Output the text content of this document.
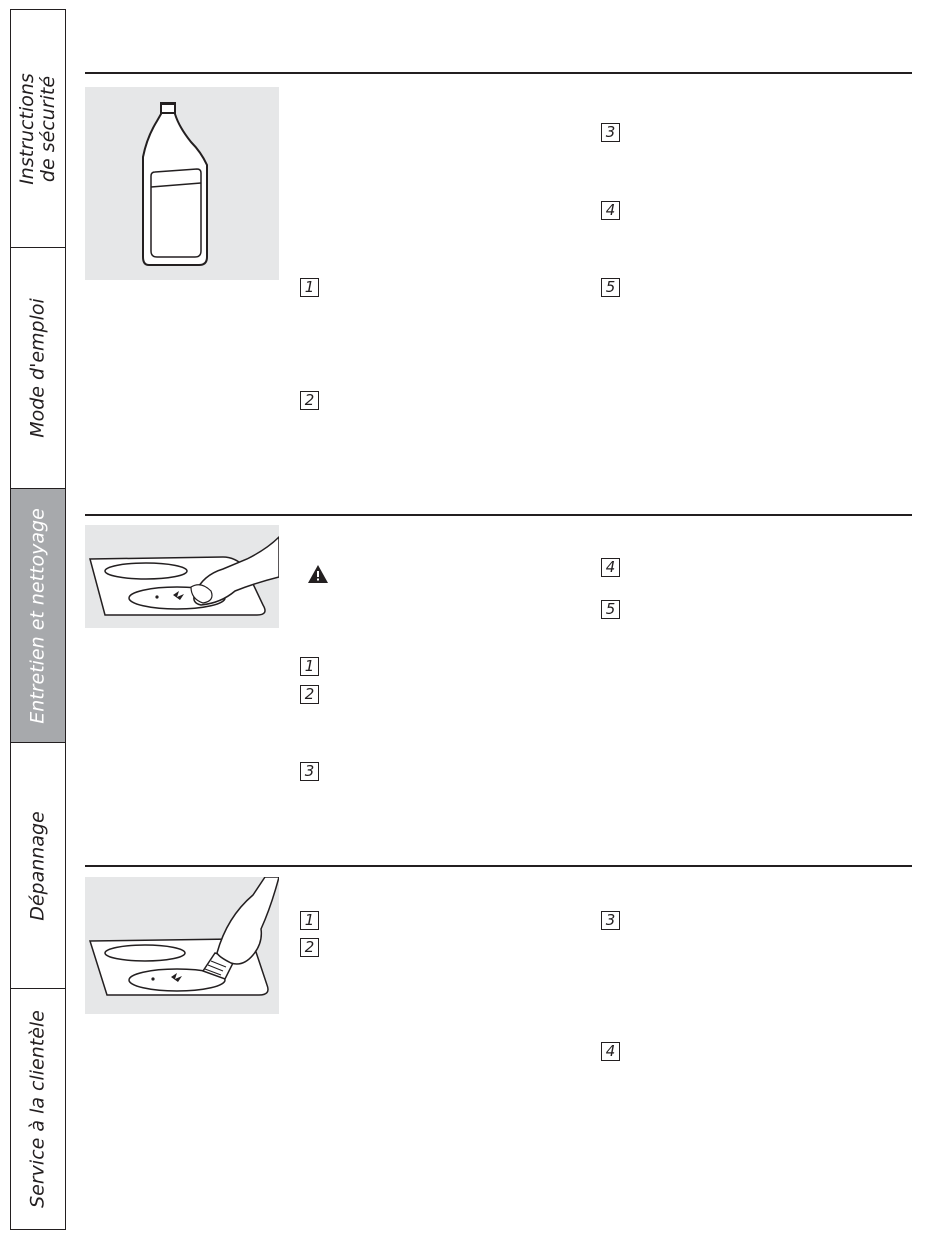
Instructions de sécurité
Mode d'emploi
Entretien et nettoyage
Dépannage
Service à la clientèle
1
2
3
4
5
1
2
3
4
5
1
2
3
4
